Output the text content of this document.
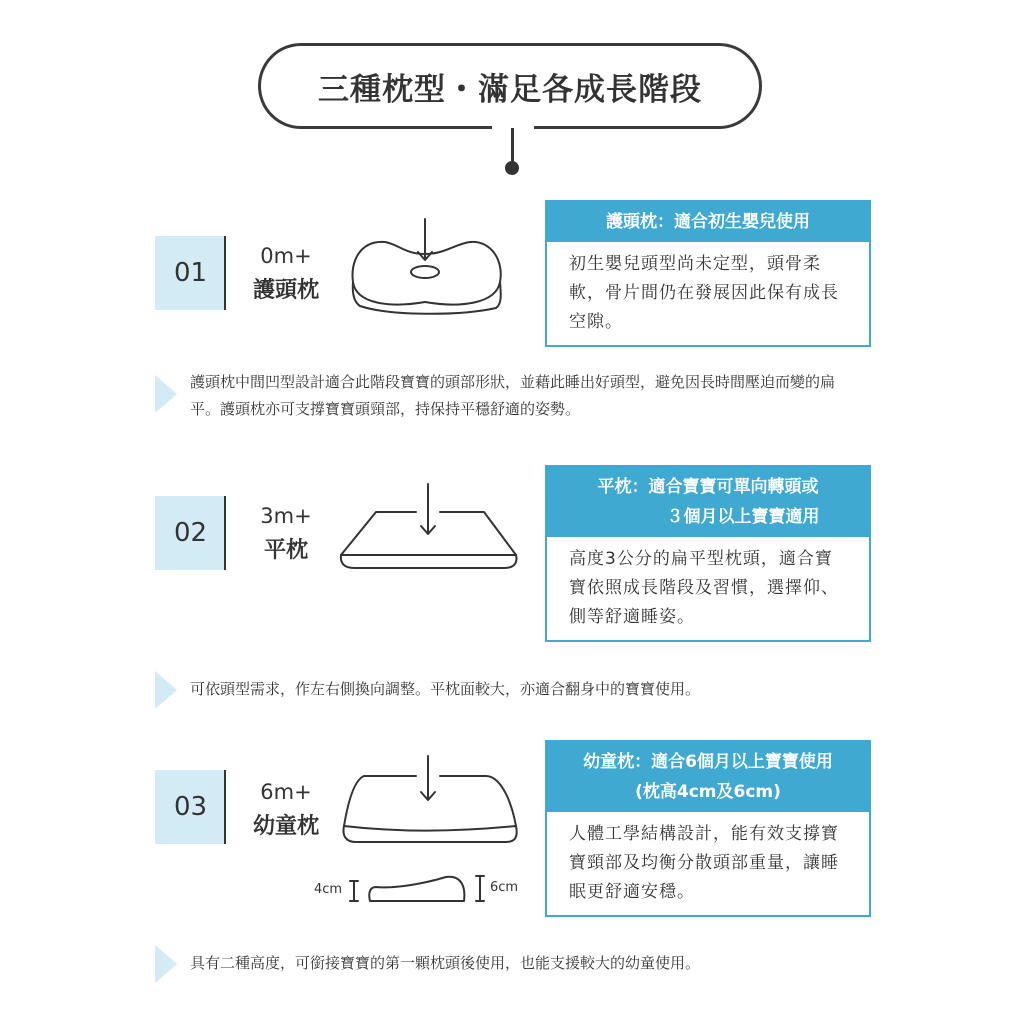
三種枕型・滿足各成長階段
01
0m+
護頭枕
護頭枕：適合初生嬰兒使用
初生嬰兒頭型尚未定型，頭骨柔軟，骨片間仍在發展因此保有成長空隙。
護頭枕中間凹型設計適合此階段寶寶的頭部形狀，並藉此睡出好頭型，避免因長時間壓迫而變的扁平。護頭枕亦可支撐寶寶頭頸部，持保持平穩舒適的姿勢。
02
3m+
平枕
平枕：適合寶寶可單向轉頭或
３個月以上寶寶適用
高度3公分的扁平型枕頭，適合寶寶依照成長階段及習慣，選擇仰、側等舒適睡姿。
可依頭型需求，作左右側換向調整。平枕面較大，亦適合翻身中的寶寶使用。
03	6m+
幼童枕
4cm	6cm
幼童枕：適合6個月以上寶寶使用
(枕高4cm及6cm)
人體工學結構設計，能有效支撐寶寶頸部及均衡分散頭部重量，讓睡眠更舒適安穩。
具有二種高度，可銜接寶寶的第一顆枕頭後使用，也能支援較大的幼童使用。
